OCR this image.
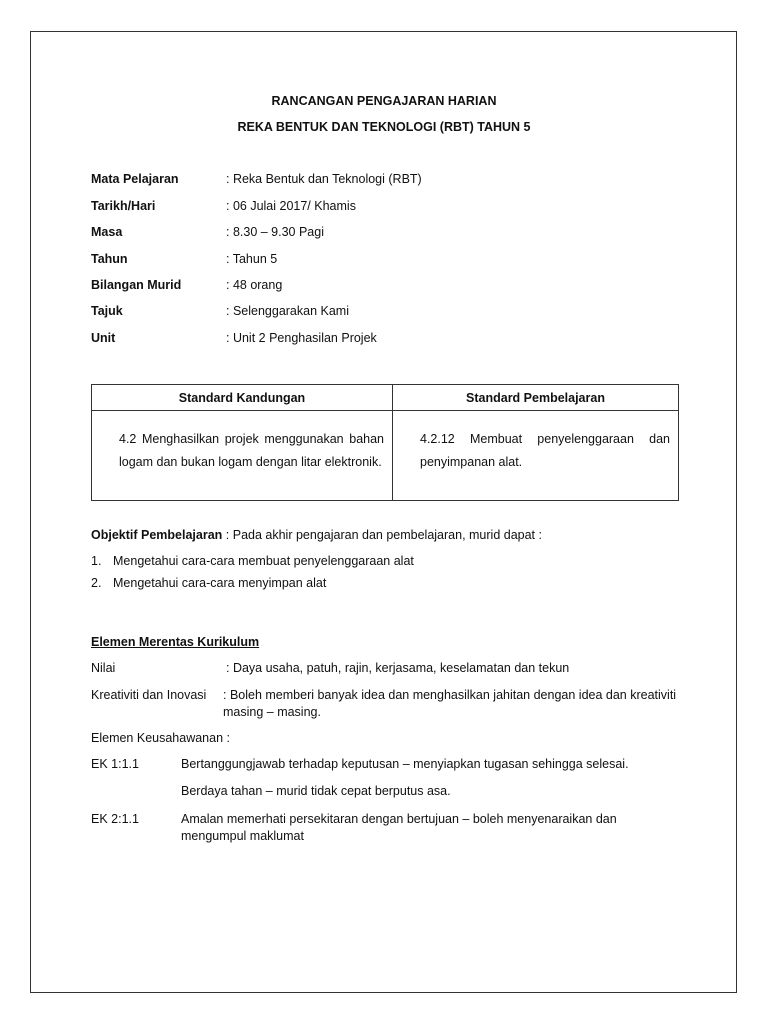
RANCANGAN PENGAJARAN HARIAN
REKA BENTUK DAN TEKNOLOGI (RBT) TAHUN 5
Mata Pelajaran	: Reka Bentuk dan Teknologi (RBT)
Tarikh/Hari	: 06 Julai 2017/ Khamis
Masa	: 8.30 – 9.30 Pagi
Tahun	: Tahun 5
Bilangan Murid	: 48 orang
Tajuk	: Selenggarakan Kami
Unit	: Unit 2 Penghasilan Projek
Standard Kandungan	Standard Pembelajaran
4.2 Menghasilkan projek menggunakan bahan logam dan bukan logam dengan litar elektronik.	4.2.12 Membuat penyelenggaraan dan penyimpanan alat.
Objektif Pembelajaran : Pada akhir pengajaran dan pembelajaran, murid dapat :
1. Mengetahui cara-cara membuat penyelenggaraan alat
2. Mengetahui cara-cara menyimpan alat
Elemen Merentas Kurikulum
Nilai	: Daya usaha, patuh, rajin, kerjasama, keselamatan dan tekun
Kreativiti dan Inovasi : Boleh memberi banyak idea dan menghasilkan jahitan dengan idea dan kreativiti
masing – masing.
Elemen Keusahawanan :
EK 1:1.1	Bertanggungjawab terhadap keputusan – menyiapkan tugasan sehingga selesai.
Berdaya tahan – murid tidak cepat berputus asa.
EK 2:1.1	Amalan memerhati persekitaran dengan bertujuan – boleh menyenaraikan dan
mengumpul maklumat
